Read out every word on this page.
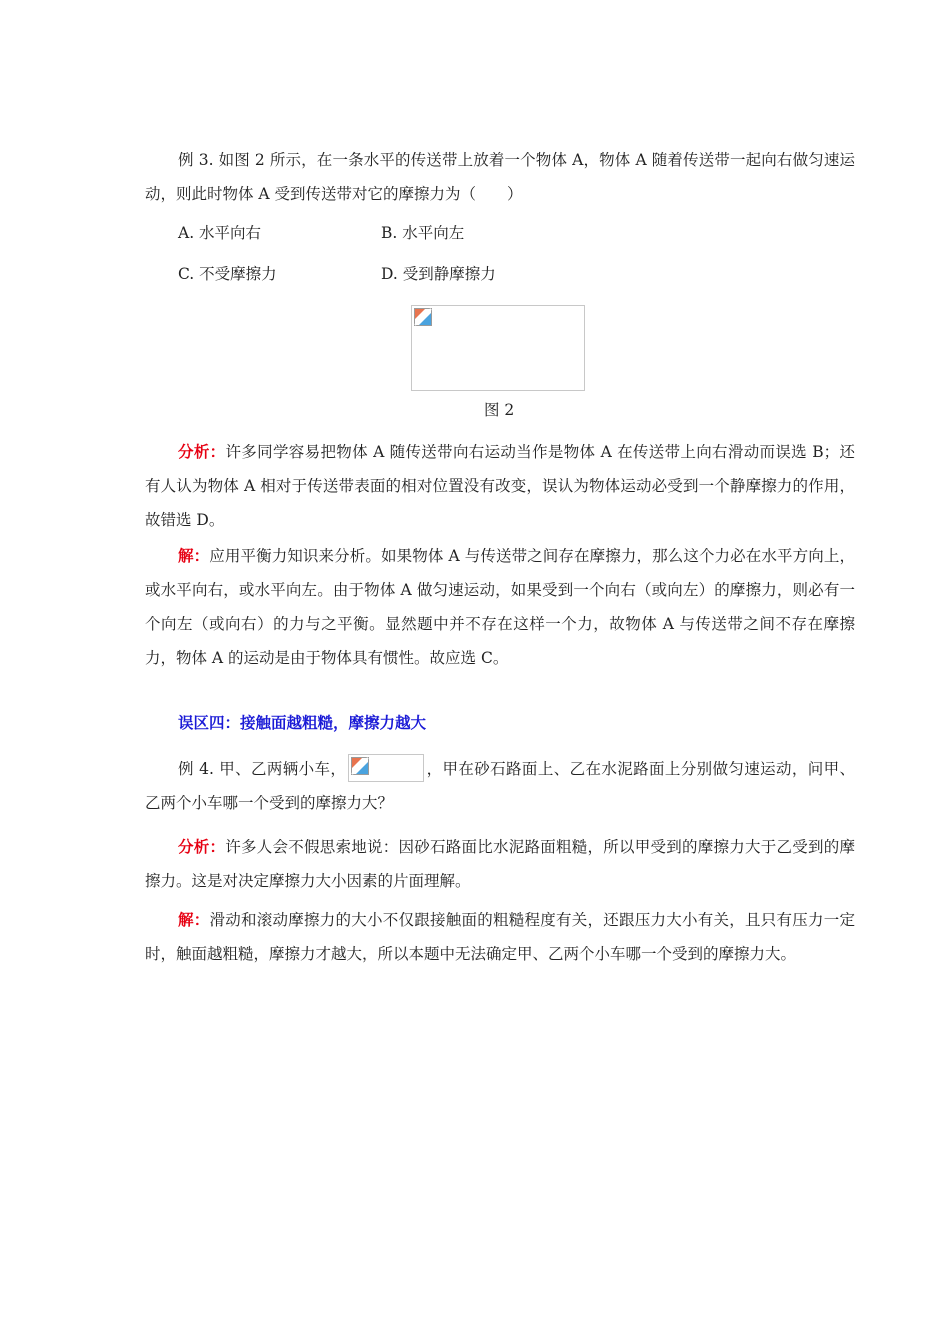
例 3. 如图 2 所示，在一条水平的传送带上放着一个物体 A，物体 A 随着传送带一起向右做匀速运动，则此时物体 A 受到传送带对它的摩擦力为（　　）

A. 水平向右	B. 水平向左
C. 不受摩擦力	D. 受到静摩擦力
图 2

分析：许多同学容易把物体 A 随传送带向右运动当作是物体 A 在传送带上向右滑动而误选 B；还有人认为物体 A 相对于传送带表面的相对位置没有改变，误认为物体运动必受到一个静摩擦力的作用，故错选 D。

解：应用平衡力知识来分析。如果物体 A 与传送带之间存在摩擦力，那么这个力必在水平方向上，或水平向右，或水平向左。由于物体 A 做匀速运动，如果受到一个向右（或向左）的摩擦力，则必有一个向左（或向右）的力与之平衡。显然题中并不存在这样一个力，故物体 A 与传送带之间不存在摩擦力，物体 A 的运动是由于物体具有惯性。故应选 C。

误区四：接触面越粗糙，摩擦力越大

例 4. 甲、乙两辆小车，	，甲在砂石路面上、乙在水泥路面上分别做匀速运动，问甲、乙两个小车哪一个受到的摩擦力大？

分析：许多人会不假思索地说：因砂石路面比水泥路面粗糙，所以甲受到的摩擦力大于乙受到的摩擦力。这是对决定摩擦力大小因素的片面理解。

解：滑动和滚动摩擦力的大小不仅跟接触面的粗糙程度有关，还跟压力大小有关，且只有压力一定时，触面越粗糙，摩擦力才越大，所以本题中无法确定甲、乙两个小车哪一个受到的摩擦力大。
